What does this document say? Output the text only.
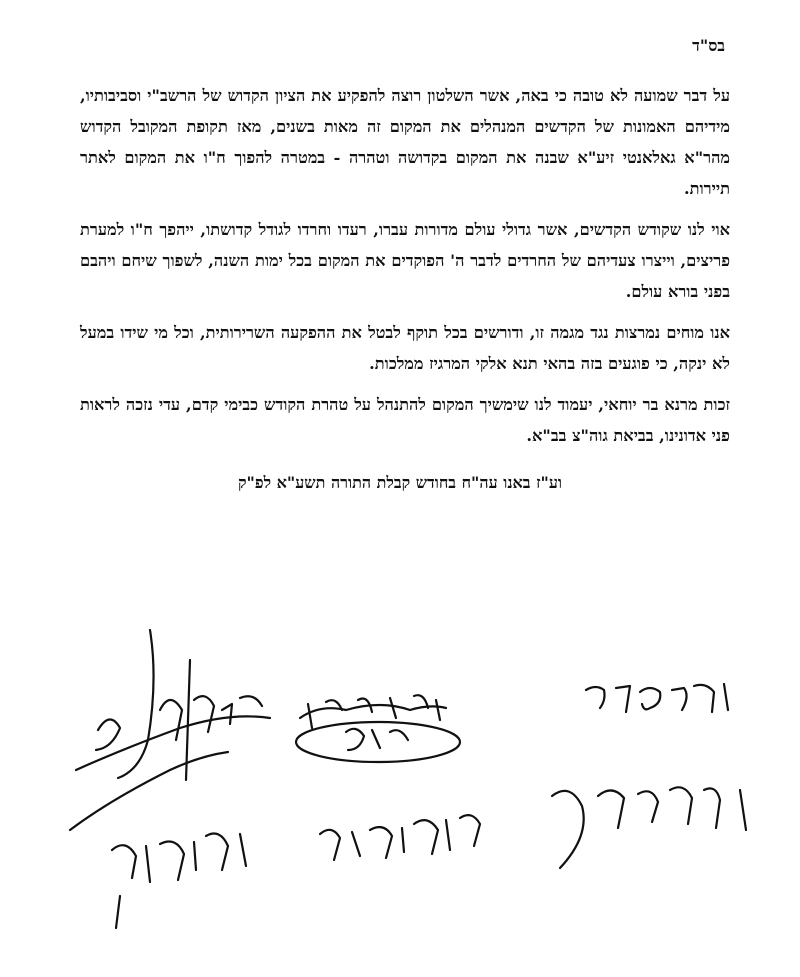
בס"ד

על דבר שמועה לא טובה כי באה, אשר השלטון רוצה להפקיע את הציון הקדוש של הרשב"י וסביבותיו, מידיהם האמונות של הקדשים המנהלים את המקום זה מאות בשנים, מאז תקופת המקובל הקדוש מהר"א גאלאנטי זיע"א שבנה את המקום בקדושה וטהרה - במטרה להפוך ח"ו את המקום לאתר תיירות.

אוי לנו שקודש הקדשים, אשר גדולי עולם מדורות עברו, רעדו וחרדו לגודל קדושתו, ייהפך ח"ו למערת פריצים, וייצרו צעדיהם של החרדים לדבר ה' הפוקדים את המקום בכל ימות השנה, לשפוך שיחם ויהבם בפני בורא עולם.

אנו מוחים נמרצות נגד מגמה זו, ודורשים בכל תוקף לבטל את ההפקעה השרירותית, וכל מי שידו במעל לא ינקה, כי פוגעים בזה בהאי תנא אלקי המרגיז ממלכות.

זכות מרנא בר יוחאי, יעמוד לנו שימשיך המקום להתנהל על טהרת הקודש כבימי קדם, עדי נזכה לראות פני אדונינו, בביאת גוה"צ בב"א.

וע"ז באנו עה"ח בחודש קבלת התורה תשע"א לפ"ק
